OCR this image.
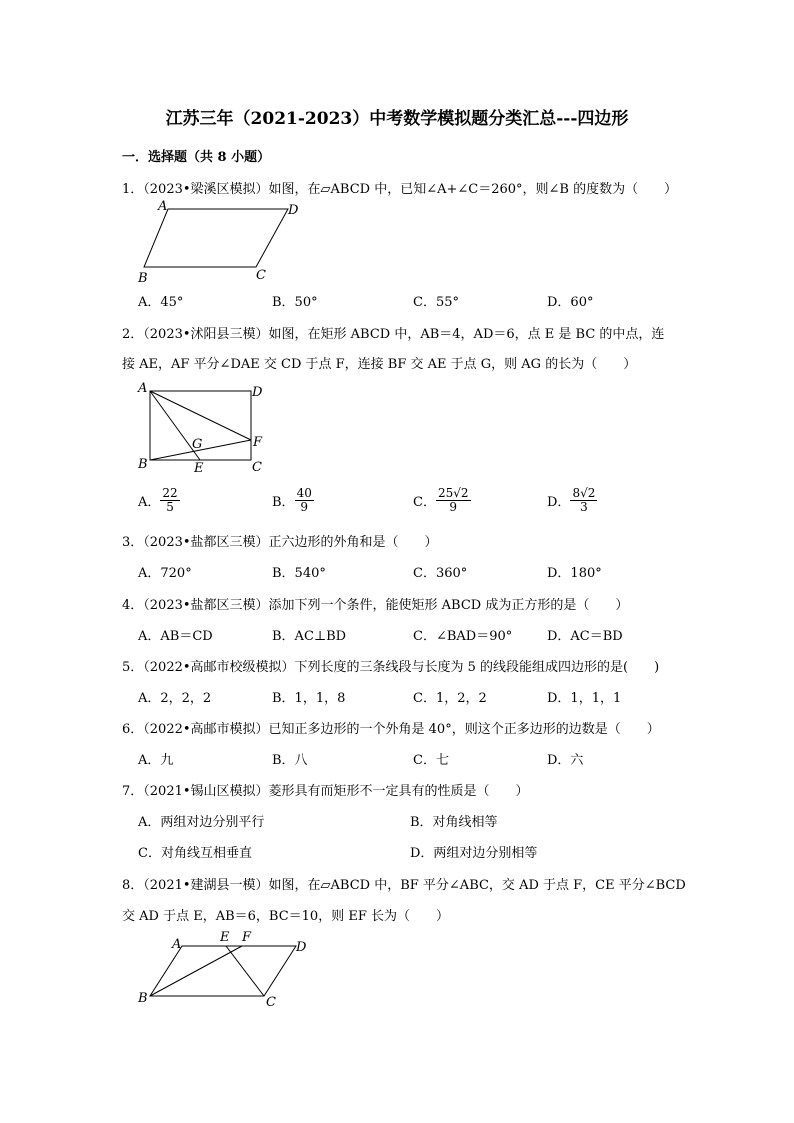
江苏三年（2021-2023）中考数学模拟题分类汇总---四边形
一．选择题（共 8 小题）
1．（2023•梁溪区模拟）如图，在▱ABCD 中，已知∠A+∠C＝260°，则∠B 的度数为（　　）
A	D
B	C
A．45°	B．50°	C．55°	D．60°
2．（2023•沭阳县三模）如图，在矩形 ABCD 中，AB＝4，AD＝6，点 E 是 BC 的中点，连
接 AE，AF 平分∠DAE 交 CD 于点 F，连接 BF 交 AE 于点 G，则 AG 的长为（　　）
A	D
G	F
B	E	C
A． $\frac{22}{5}$	B． $\frac{40}{9}$	C． $\frac{25√2}{9}$	D． $\frac{8√2}{3}$
3．（2023•盐都区三模）正六边形的外角和是（　　）
A．720°	B．540°	C．360°	D．180°
4．（2023•盐都区三模）添加下列一个条件，能使矩形 ABCD 成为正方形的是（　　）
A．AB＝CD	B．AC⊥BD	C．∠BAD＝90°	D．AC＝BD
5．（2022•高邮市校级模拟）下列长度的三条线段与长度为 5 的线段能组成四边形的是(　　)
A．2，2，2	B．1，1，8	C．1，2，2	D．1，1，1
6．（2022•高邮市模拟）已知正多边形的一个外角是 40°，则这个正多边形的边数是（　　）
A．九	B．八	C．七	D．六
7．（2021•锡山区模拟）菱形具有而矩形不一定具有的性质是（　　）
A．两组对边分别平行	B．对角线相等
C．对角线互相垂直	D．两组对边分别相等
8．（2021•建湖县一模）如图，在▱ABCD 中，BF 平分∠ABC，交 AD 于点 F，CE 平分∠BCD
交 AD 于点 E，AB＝6，BC＝10，则 EF 长为（　　）
A	E F
D
B	C
